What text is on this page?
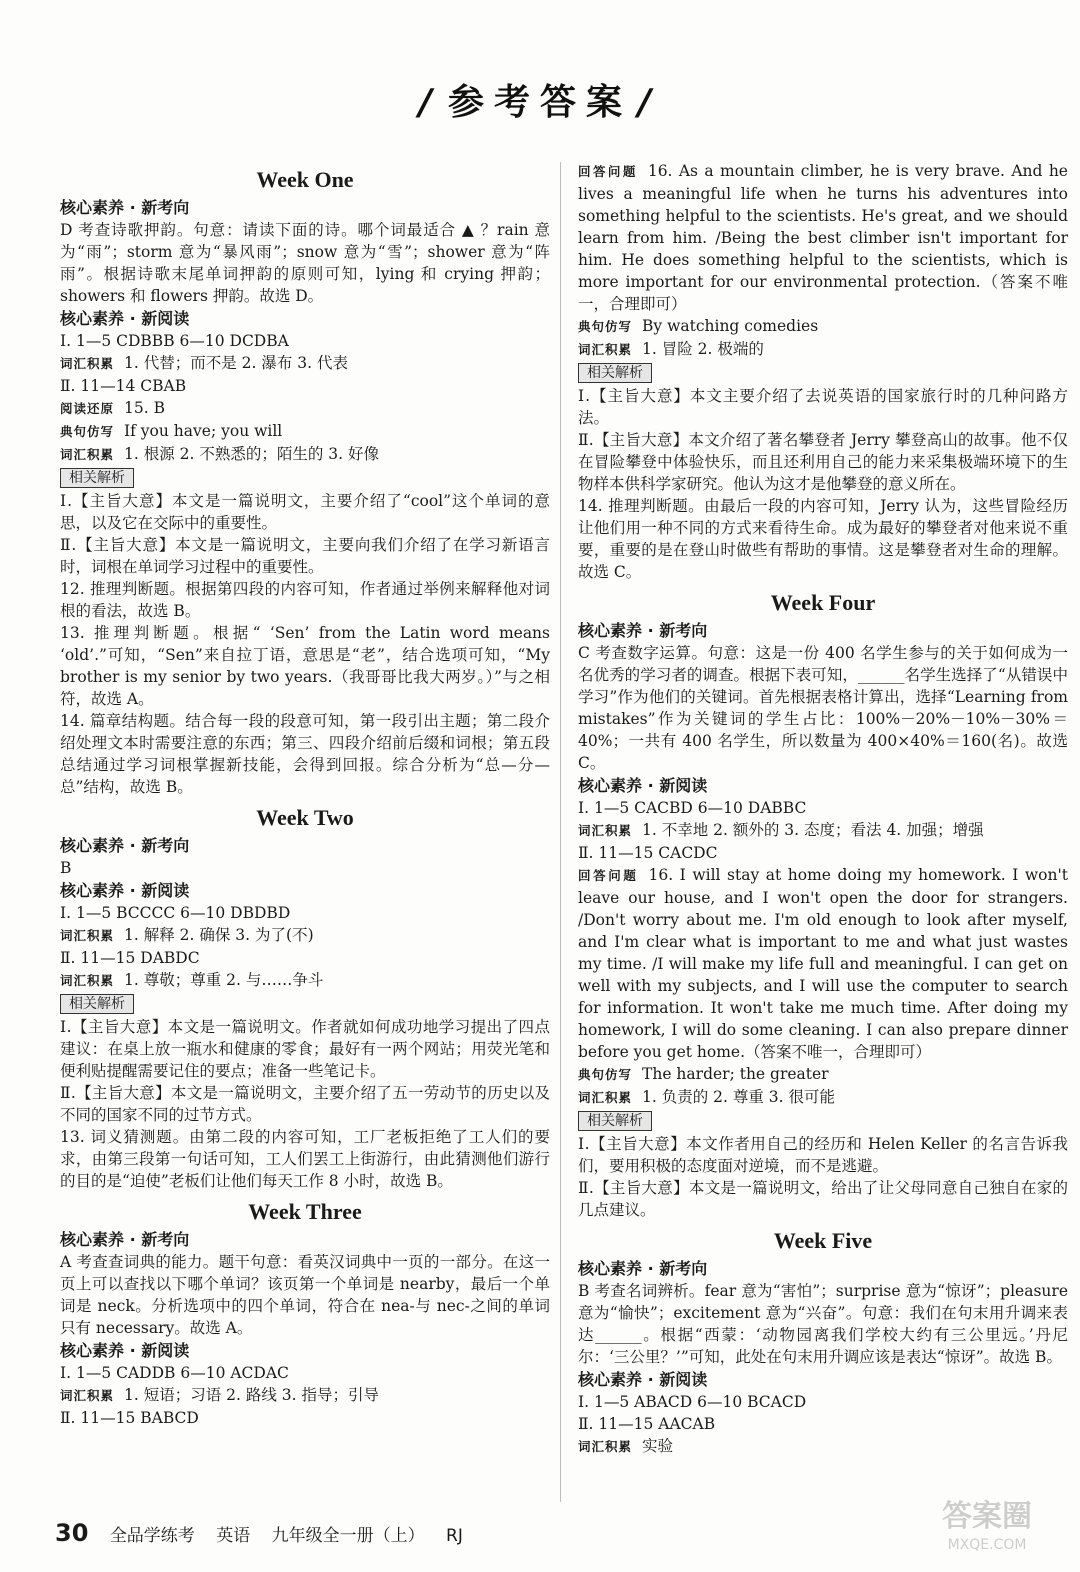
/ 参考答案 /
Week One
核心素养 · 新考向
D 考查诗歌押韵。句意：请读下面的诗。哪个词最适合 ▲ ？rain 意为“雨”；storm 意为“暴风雨”；snow 意为“雪”；shower 意为“阵雨”。根据诗歌末尾单词押韵的原则可知，lying 和 crying 押韵；showers 和 flowers 押韵。故选 D。
核心素养 · 新阅读
Ⅰ. 1—5 CDBBB 6—10 DCDBA
词汇积累 1. 代替；而不是 2. 瀑布 3. 代表
Ⅱ. 11—14 CBAB
阅读还原 15. B
典句仿写 If you have; you will
词汇积累 1. 根源 2. 不熟悉的；陌生的 3. 好像
相关解析
Ⅰ.【主旨大意】本文是一篇说明文，主要介绍了“cool”这个单词的意思，以及它在交际中的重要性。
Ⅱ.【主旨大意】本文是一篇说明文，主要向我们介绍了在学习新语言时，词根在单词学习过程中的重要性。
12. 推理判断题。根据第四段的内容可知，作者通过举例来解释他对词根的看法，故选 B。
13. 推理判断题。根据“ ‘Sen’ from the Latin word means ‘old’.”可知，“Sen”来自拉丁语，意思是“老”，结合选项可知，“My brother is my senior by two years.（我哥哥比我大两岁。）”与之相符，故选 A。
14. 篇章结构题。结合每一段的段意可知，第一段引出主题；第二段介绍处理文本时需要注意的东西；第三、四段介绍前后缀和词根；第五段总结通过学习词根掌握新技能，会得到回报。综合分析为“总—分—总”结构，故选 B。
Week Two
核心素养 · 新考向
B
核心素养 · 新阅读
Ⅰ. 1—5 BCCCC 6—10 DBDBD
词汇积累 1. 解释 2. 确保 3. 为了(不)
Ⅱ. 11—15 DABDC
词汇积累 1. 尊敬；尊重 2. 与……争斗
相关解析
Ⅰ.【主旨大意】本文是一篇说明文。作者就如何成功地学习提出了四点建议：在桌上放一瓶水和健康的零食；最好有一两个网站；用荧光笔和便利贴提醒需要记住的要点；准备一些笔记卡。
Ⅱ.【主旨大意】本文是一篇说明文，主要介绍了五一劳动节的历史以及不同的国家不同的过节方式。
13. 词义猜测题。由第二段的内容可知，工厂老板拒绝了工人们的要求，由第三段第一句话可知，工人们罢工上街游行，由此猜测他们游行的目的是“迫使”老板们让他们每天工作 8 小时，故选 B。
Week Three
核心素养 · 新考向
A 考查查词典的能力。题干句意：看英汉词典中一页的一部分。在这一页上可以查找以下哪个单词？该页第一个单词是 nearby，最后一个单词是 neck。分析选项中的四个单词，符合在 nea-与 nec-之间的单词只有 necessary。故选 A。
核心素养 · 新阅读
Ⅰ. 1—5 CADDB 6—10 ACDAC
词汇积累 1. 短语；习语 2. 路线 3. 指导；引导
Ⅱ. 11—15 BABCD
回答问题 16. As a mountain climber, he is very brave. And he lives a meaningful life when he turns his adventures into something helpful to the scientists. He's great, and we should learn from him. /Being the best climber isn't important for him. He does something helpful to the scientists, which is more important for our environmental protection.（答案不唯一，合理即可）
典句仿写 By watching comedies
词汇积累 1. 冒险 2. 极端的
相关解析
Ⅰ.【主旨大意】本文主要介绍了去说英语的国家旅行时的几种问路方法。
Ⅱ.【主旨大意】本文介绍了著名攀登者 Jerry 攀登高山的故事。他不仅在冒险攀登中体验快乐，而且还利用自己的能力来采集极端环境下的生物样本供科学家研究。他认为这才是他攀登的意义所在。
14. 推理判断题。由最后一段的内容可知，Jerry 认为，这些冒险经历让他们用一种不同的方式来看待生命。成为最好的攀登者对他来说不重要，重要的是在登山时做些有帮助的事情。这是攀登者对生命的理解。故选 C。
Week Four
核心素养 · 新考向
C 考查数字运算。句意：这是一份 400 名学生参与的关于如何成为一名优秀的学习者的调查。根据下表可知，______名学生选择了“从错误中学习”作为他们的关键词。首先根据表格计算出，选择“Learning from mistakes”作为关键词的学生占比：100%－20%－10%－30%＝40%；一共有 400 名学生，所以数量为 400×40%＝160(名)。故选 C。
核心素养 · 新阅读
Ⅰ. 1—5 CACBD 6—10 DABBC
词汇积累 1. 不幸地 2. 额外的 3. 态度；看法 4. 加强；增强
Ⅱ. 11—15 CACDC
回答问题 16. I will stay at home doing my homework. I won't leave our house, and I won't open the door for strangers. /Don't worry about me. I'm old enough to look after myself, and I'm clear what is important to me and what just wastes my time. /I will make my life full and meaningful. I can get on well with my subjects, and I will use the computer to search for information. It won't take me much time. After doing my homework, I will do some cleaning. I can also prepare dinner before you get home.（答案不唯一，合理即可）
典句仿写 The harder; the greater
词汇积累 1. 负责的 2. 尊重 3. 很可能
相关解析
Ⅰ.【主旨大意】本文作者用自己的经历和 Helen Keller 的名言告诉我们，要用积极的态度面对逆境，而不是逃避。
Ⅱ.【主旨大意】本文是一篇说明文，给出了让父母同意自己独自在家的几点建议。
Week Five
核心素养 · 新考向
B 考查名词辨析。fear 意为“害怕”；surprise 意为“惊讶”；pleasure 意为“愉快”；excitement 意为“兴奋”。句意：我们在句末用升调来表达______。根据“西蒙：‘动物园离我们学校大约有三公里远。’丹尼尔：‘三公里？’”可知，此处在句末用升调应该是表达“惊讶”。故选 B。
核心素养 · 新阅读
Ⅰ. 1—5 ABACD 6—10 BCACD
Ⅱ. 11—15 AACAB
词汇积累 实验
30 全品学练考 英语 九年级全一册（上） RJ
答案圈
MXQE.COM
